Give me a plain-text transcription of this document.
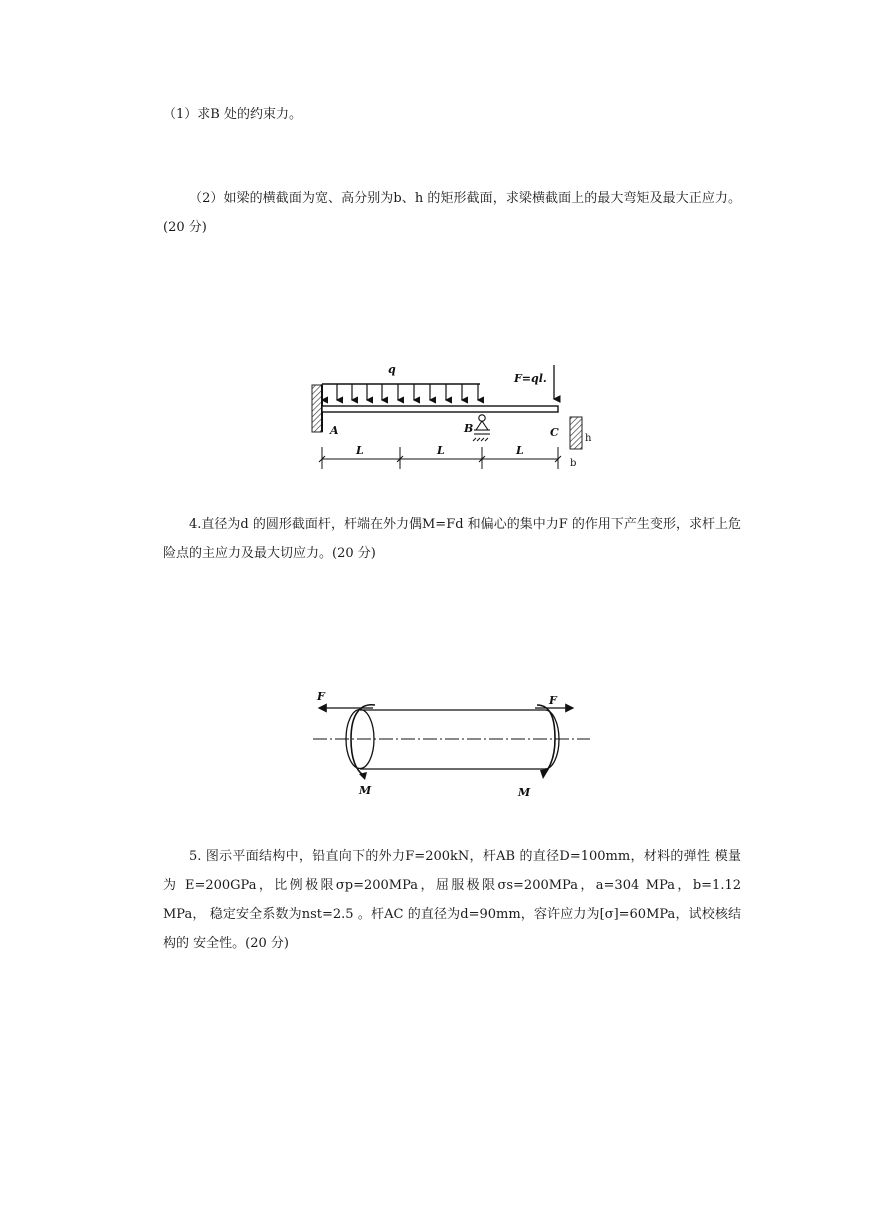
（1）求B 处的约束力。

（2）如梁的横截面为宽、高分别为b、h 的矩形截面，求梁横截面上的最大弯矩及最大正应力。(20 分)

q
F=ql.
A	B	C
L	L	L
h
b

4.直径为d 的圆形截面杆，杆端在外力偶M=Fd 和偏心的集中力F 的作用下产生变形，求杆上危险点的主应力及最大切应力。(20 分)

F	F
M	M

5. 图示平面结构中，铅直向下的外力F=200kN，杆AB 的直径D=100mm，材料的弹性 模量为 E=200GPa，比例极限σp=200MPa，屈服极限σs=200MPa，a=304 MPa，b=1.12 MPa， 稳定安全系数为nst=2.5 。杆AC 的直径为d=90mm，容许应力为[σ]=60MPa，试校核结构的 安全性。(20 分)
